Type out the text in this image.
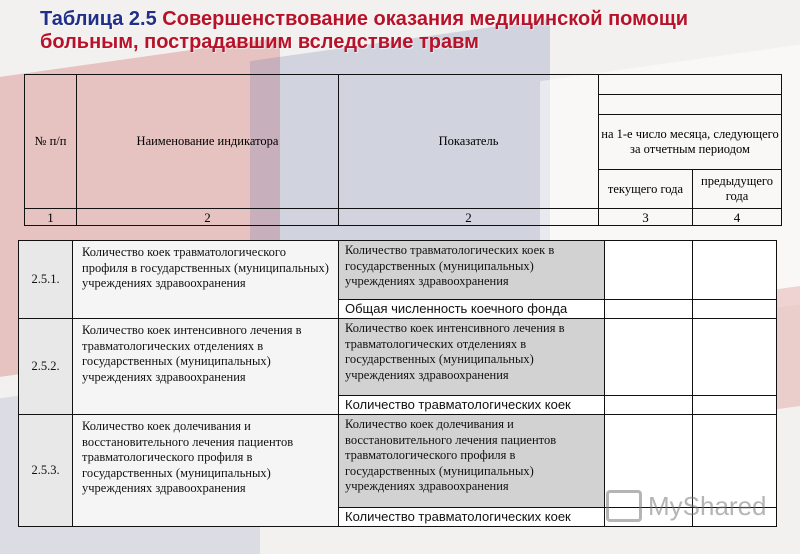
Таблица 2.5 Совершенствование оказания медицинской помощи больным, пострадавшим вследствие травм
№ п/п	Наименование индикатора	Показатель		

			на 1-е число месяца, следующего за отчетным периодом	
			текущего года	предыдущего года
1	2	2	3	4
2.5.1.	Количество коек травматологического профиля в государственных (муниципальных) учреждениях здравоохранения	Количество травматологических коек в государственных (муниципальных) учреждениях здравоохранения		
		Общая численность коечного фонда		
2.5.2.	Количество коек интенсивного лечения в травматологических отделениях в государственных (муниципальных) учреждениях здравоохранения	Количество коек интенсивного лечения в травматологических отделениях в государственных (муниципальных) учреждениях здравоохранения		
		Количество травматологических коек		
2.5.3.	Количество коек долечивания и восстановительного лечения пациентов травматологического профиля в государственных (муниципальных) учреждениях здравоохранения	Количество коек долечивания и восстановительного лечения пациентов травматологического профиля в государственных (муниципальных) учреждениях здравоохранения		
		Количество травматологических коек			MyShared
